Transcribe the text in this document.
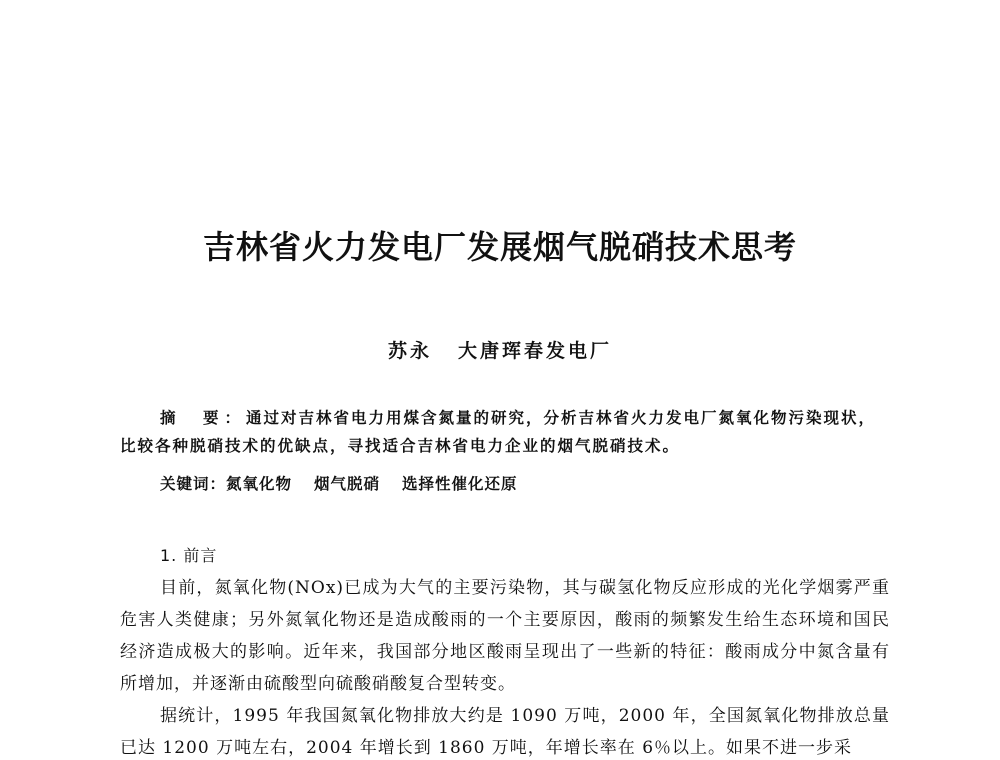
吉林省火力发电厂发展烟气脱硝技术思考
苏永 大唐珲春发电厂
摘　要：通过对吉林省电力用煤含氮量的研究，分析吉林省火力发电厂氮氧化物污染现状，比较各种脱硝技术的优缺点，寻找适合吉林省电力企业的烟气脱硝技术。
关键词：氮氧化物 烟气脱硝 选择性催化还原
1. 前言
目前，氮氧化物(NOx)已成为大气的主要污染物，其与碳氢化物反应形成的光化学烟雾严重危害人类健康；另外氮氧化物还是造成酸雨的一个主要原因，酸雨的频繁发生给生态环境和国民经济造成极大的影响。近年来，我国部分地区酸雨呈现出了一些新的特征：酸雨成分中氮含量有所增加，并逐渐由硫酸型向硫酸硝酸复合型转变。
据统计，1995 年我国氮氧化物排放大约是 1090 万吨，2000 年，全国氮氧化物排放总量已达 1200 万吨左右，2004 年增长到 1860 万吨，年增长率在 6％以上。如果不进一步采
